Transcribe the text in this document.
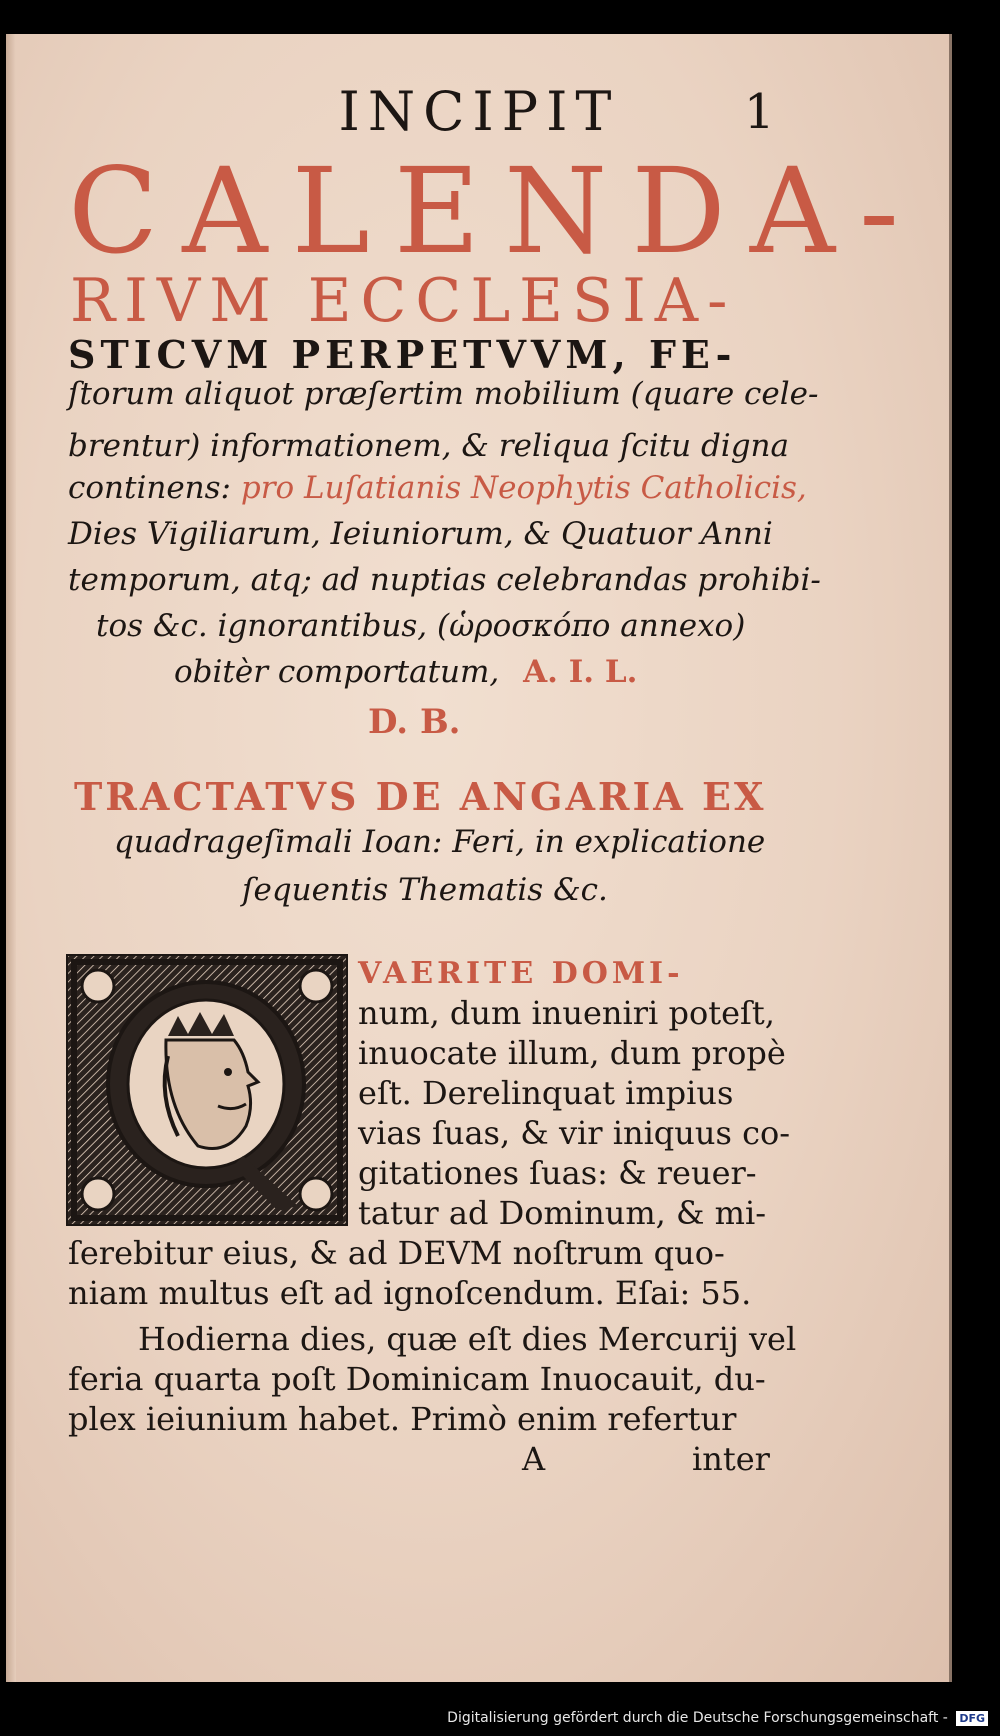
INCIPIT	1
CALENDA-
RIVM ECCLESIA-
STICVM PERPETVVM, FE-
ſtorum aliquot præſertim mobilium (quare cele-
brentur) informationem, & reliqua ſcitu digna
continens: pro Luſatianis Neophytis Catholicis,
Dies Vigiliarum, Ieiuniorum, & Quatuor Anni
temporum, atq; ad nuptias celebrandas prohibi-
tos &c. ignorantibus, (ὡροσκόπο annexo)
obitèr comportatum, A. I. L.
D. B.
TRACTATVS DE ANGARIA EX
quadrageſimali Ioan: Feri, in explicatione
ſequentis Thematis &c.
VAERITE DOMI-
num, dum inueniri poteſt,
inuocate illum, dum propè
eſt. Derelinquat impius
vias ſuas, & vir iniquus co-
gitationes ſuas: & reuer-
tatur ad Dominum, & mi-
ſerebitur eius, & ad DEVM noſtrum quo-
niam multus eſt ad ignoſcendum. Eſai: 55.
Hodierna dies, quæ eſt dies Mercurij vel
feria quarta poſt Dominicam Inuocauit, du-
plex ieiunium habet. Primò enim refertur
A	inter
Digitalisierung gefördert durch die Deutsche Forschungsgemeinschaft - DFG
